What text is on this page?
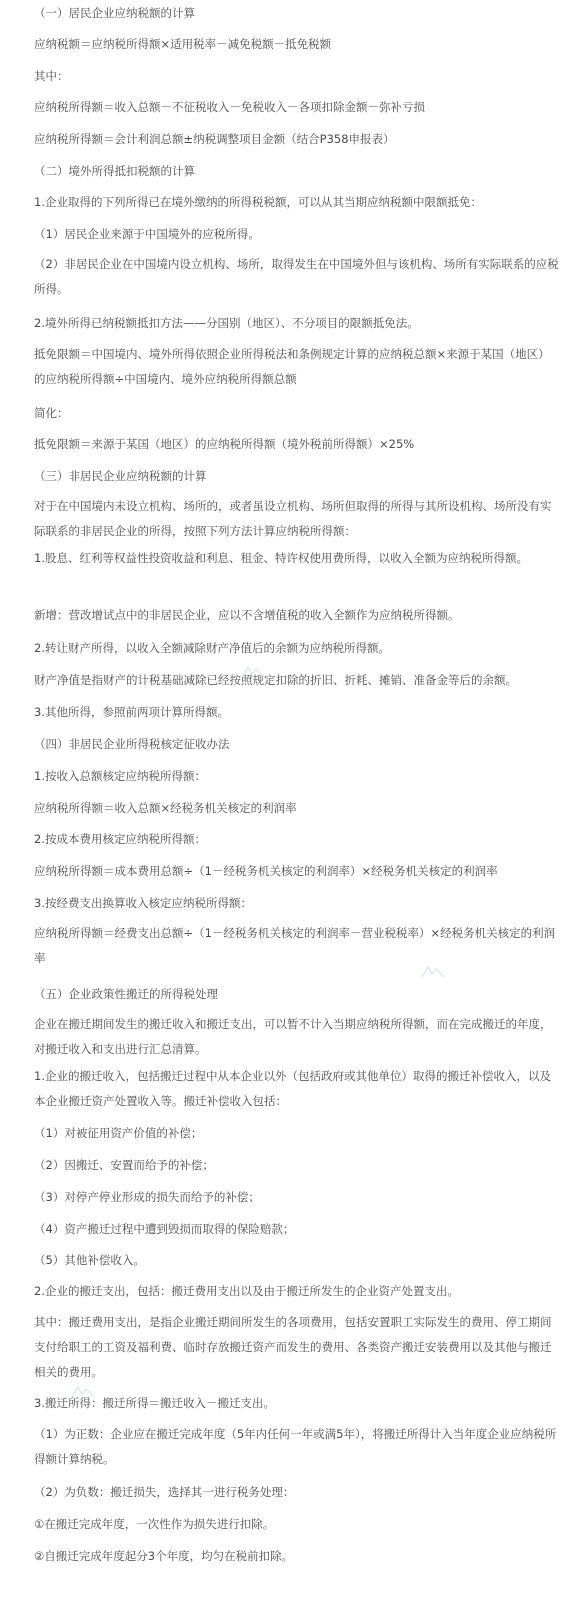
（一）居民企业应纳税额的计算
应纳税额＝应纳税所得额×适用税率－减免税额－抵免税额
其中：
应纳税所得额＝收入总额－不征税收入－免税收入－各项扣除金额－弥补亏损
应纳税所得额＝会计利润总额±纳税调整项目金额（结合P358申报表）
（二）境外所得抵扣税额的计算
1.企业取得的下列所得已在境外缴纳的所得税税额，可以从其当期应纳税额中限额抵免：
（1）居民企业来源于中国境外的应税所得。
（2）非居民企业在中国境内设立机构、场所，取得发生在中国境外但与该机构、场所有实际联系的应税所得。
2.境外所得已纳税额抵扣方法——分国别（地区）、不分项目的限额抵免法。
抵免限额＝中国境内、境外所得依照企业所得税法和条例规定计算的应纳税总额×来源于某国（地区）的应纳税所得额÷中国境内、境外应纳税所得额总额
简化：
抵免限额＝来源于某国（地区）的应纳税所得额（境外税前所得额）×25%
（三）非居民企业应纳税额的计算
对于在中国境内未设立机构、场所的，或者虽设立机构、场所但取得的所得与其所设机构、场所没有实际联系的非居民企业的所得，按照下列方法计算应纳税所得额：
1.股息、红利等权益性投资收益和利息、租金、特许权使用费所得，以收入全额为应纳税所得额。
新增：营改增试点中的非居民企业，应以不含增值税的收入全额作为应纳税所得额。
2.转让财产所得，以收入全额减除财产净值后的余额为应纳税所得额。
财产净值是指财产的计税基础减除已经按照规定扣除的折旧、折耗、摊销、准备金等后的余额。
3.其他所得，参照前两项计算所得额。
（四）非居民企业所得税核定征收办法
1.按收入总额核定应纳税所得额：
应纳税所得额＝收入总额×经税务机关核定的利润率
2.按成本费用核定应纳税所得额：
应纳税所得额＝成本费用总额÷（1－经税务机关核定的利润率）×经税务机关核定的利润率
3.按经费支出换算收入核定应纳税所得额：
应纳税所得额＝经费支出总额÷（1－经税务机关核定的利润率－营业税税率）×经税务机关核定的利润率
（五）企业政策性搬迁的所得税处理
企业在搬迁期间发生的搬迁收入和搬迁支出，可以暂不计入当期应纳税所得额，而在完成搬迁的年度，对搬迁收入和支出进行汇总清算。
1.企业的搬迁收入，包括搬迁过程中从本企业以外（包括政府或其他单位）取得的搬迁补偿收入，以及本企业搬迁资产处置收入等。搬迁补偿收入包括：
（1）对被征用资产价值的补偿；
（2）因搬迁、安置而给予的补偿；
（3）对停产停业形成的损失而给予的补偿；
（4）资产搬迁过程中遭到毁损而取得的保险赔款；
（5）其他补偿收入。
2.企业的搬迁支出，包括：搬迁费用支出以及由于搬迁所发生的企业资产处置支出。
其中：搬迁费用支出，是指企业搬迁期间所发生的各项费用，包括安置职工实际发生的费用、停工期间支付给职工的工资及福利费、临时存放搬迁资产而发生的费用、各类资产搬迁安装费用以及其他与搬迁相关的费用。
3.搬迁所得：搬迁所得＝搬迁收入－搬迁支出。
（1）为正数：企业应在搬迁完成年度（5年内任何一年或满5年），将搬迁所得计入当年度企业应纳税所得额计算纳税。
（2）为负数：搬迁损失，选择其一进行税务处理：
①在搬迁完成年度，一次性作为损失进行扣除。
②自搬迁完成年度起分3个年度，均匀在税前扣除。
